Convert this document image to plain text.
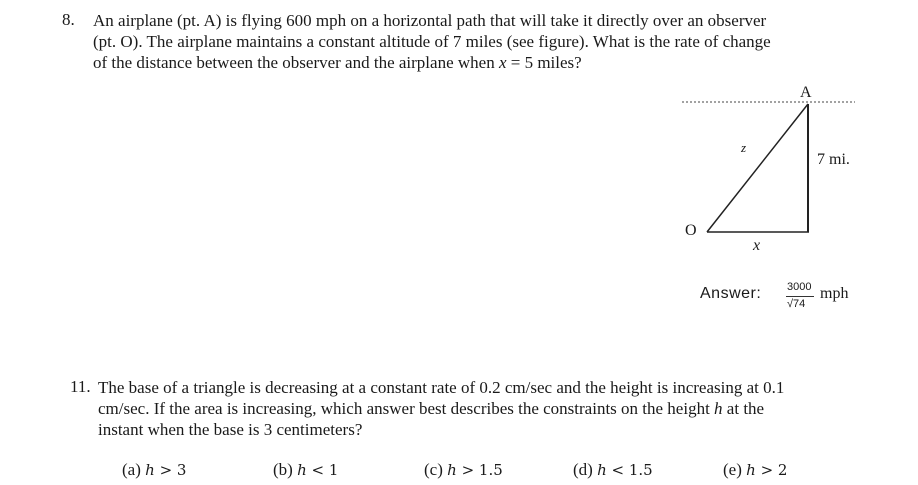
8. An airplane (pt. A) is flying 600 mph on a horizontal path that will take it directly over an observer
(pt. O). The airplane maintains a constant altitude of 7 miles (see figure). What is the rate of change
of the distance between the observer and the airplane when x = 5 miles?
A
z
7 mi.
O
x
Answer: 3000
√74
mph
11. The base of a triangle is decreasing at a constant rate of 0.2 cm/sec and the height is increasing at 0.1
cm/sec. If the area is increasing, which answer best describes the constraints on the height h at the
instant when the base is 3 centimeters?
(a) h > 3	(b) h < 1	(c) h > 1.5	(d) h < 1.5	(e) h > 2
